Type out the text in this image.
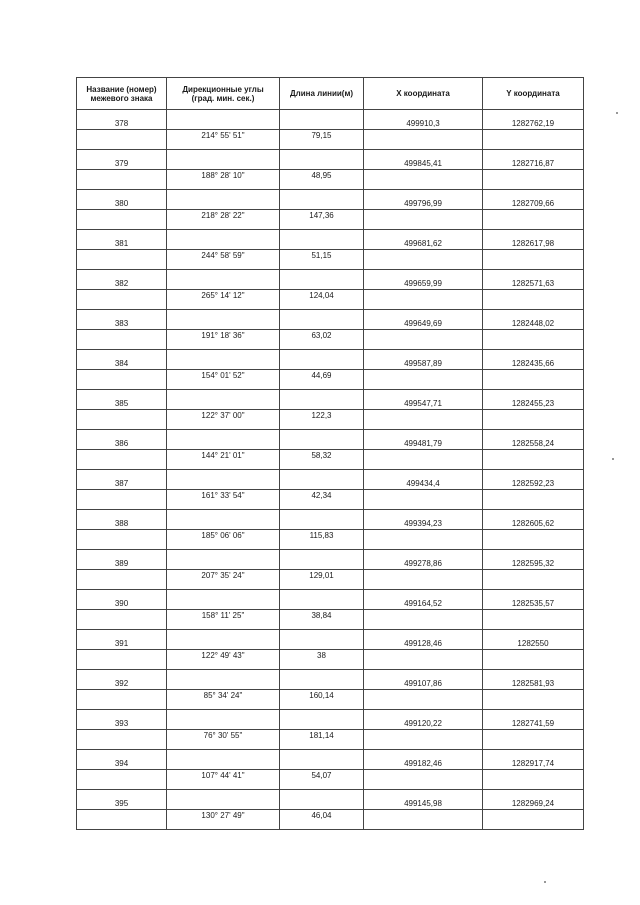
Название (номер)
межевого знака	Дирекционные углы
(град. мин. сек.)	Длина линии(м)	X координата	Y координата
378			499910,3	1282762,19
	214° 55' 51"	79,15		
379			499845,41	1282716,87
	188° 28' 10"	48,95		
380			499796,99	1282709,66
	218° 28' 22"	147,36		
381			499681,62	1282617,98
	244° 58' 59"	51,15		
382			499659,99	1282571,63
	265° 14' 12"	124,04		
383			499649,69	1282448,02
	191° 18' 36"	63,02		
384			499587,89	1282435,66
	154° 01' 52"	44,69		
385			499547,71	1282455,23
	122° 37' 00"	122,3		
386			499481,79	1282558,24
	144° 21' 01"	58,32		
387			499434,4	1282592,23
	161° 33' 54"	42,34		
388			499394,23	1282605,62
	185° 06' 06"	115,83		
389			499278,86	1282595,32
	207° 35' 24"	129,01		
390			499164,52	1282535,57
	158° 11' 25"	38,84		
391			499128,46	1282550
	122° 49' 43"	38		
392			499107,86	1282581,93
	85° 34' 24"	160,14		
393			499120,22	1282741,59
	76° 30' 55"	181,14		
394			499182,46	1282917,74
	107° 44' 41"	54,07		
395			499145,98	1282969,24
	130° 27' 49"	46,04		
